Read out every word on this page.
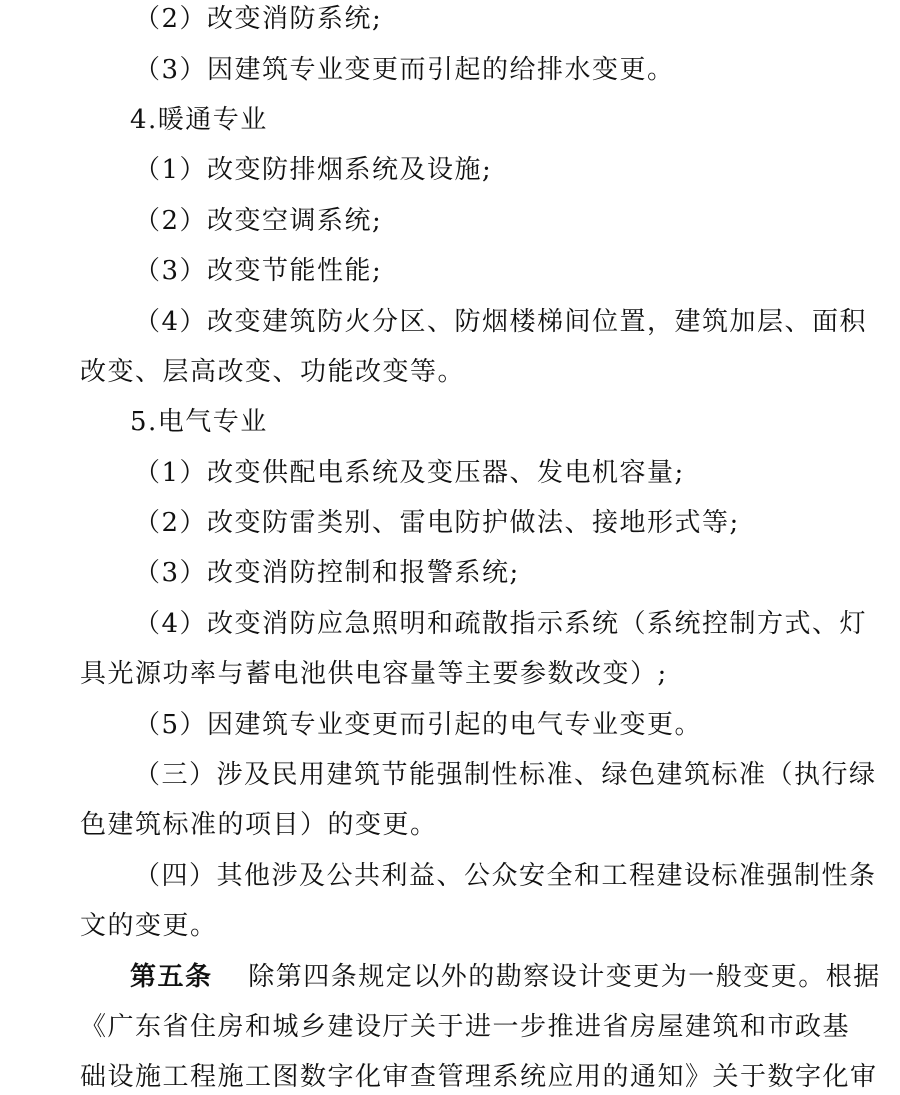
（2）改变消防系统;
（3）因建筑专业变更而引起的给排水变更。
4.暖通专业
（1）改变防排烟系统及设施;
（2）改变空调系统;
（3）改变节能性能;
（4）改变建筑防火分区、防烟楼梯间位置，建筑加层、面积
改变、层高改变、功能改变等。
5.电气专业
（1）改变供配电系统及变压器、发电机容量;
（2）改变防雷类别、雷电防护做法、接地形式等;
（3）改变消防控制和报警系统;
（4）改变消防应急照明和疏散指示系统（系统控制方式、灯
具光源功率与蓄电池供电容量等主要参数改变）;
（5）因建筑专业变更而引起的电气专业变更。
（三）涉及民用建筑节能强制性标准、绿色建筑标准（执行绿
色建筑标准的项目）的变更。
（四）其他涉及公共利益、公众安全和工程建设标准强制性条
文的变更。
第五条 除第四条规定以外的勘察设计变更为一般变更。根据
《广东省住房和城乡建设厅关于进一步推进省房屋建筑和市政基
础设施工程施工图数字化审查管理系统应用的通知》关于数字化审
